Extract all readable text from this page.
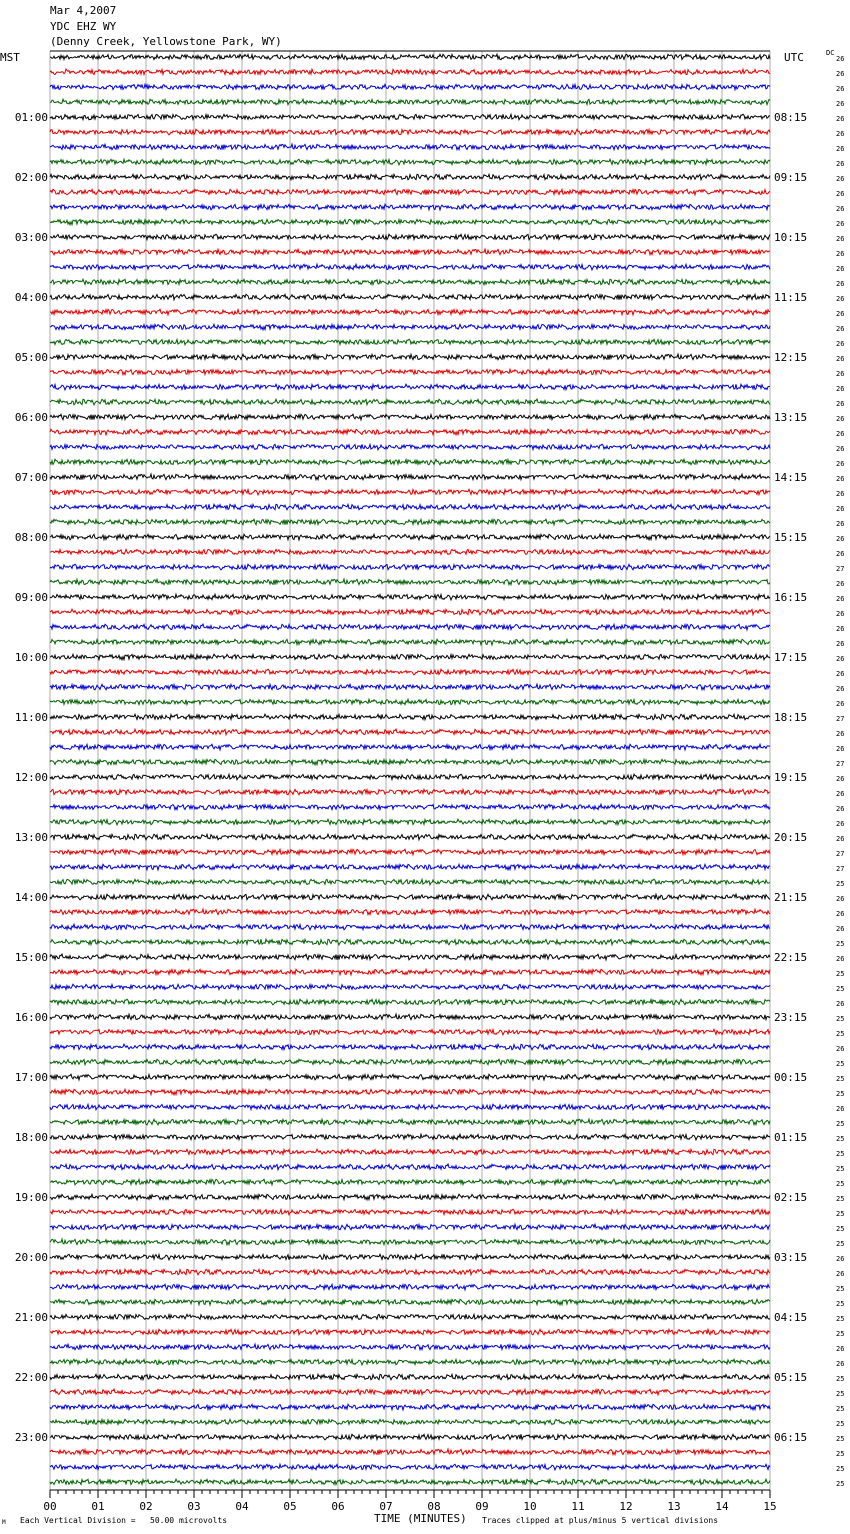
Mar 4,2007
YDC EHZ WY
(Denny Creek, Yellowstone Park, WY)
MST	UTC	DC
01:00
02:00
03:00
04:00
05:00
06:00
07:00
08:00
09:00
10:00
11:00
12:00
13:00
14:00
15:00
16:00
17:00
18:00
19:00
20:00
21:00
22:00
23:00
08:15
09:15
10:15
11:15
12:15
13:15
14:15
15:15
16:15
17:15
18:15
19:15
20:15
21:15
22:15
23:15
00:15
01:15
02:15
03:15
04:15
05:15
06:15
26
26
26
26
26
26
26
26
26
26
26
26
26
26
26
26
26
26
26
26
26
26
26
26
26
26
26
26
26
26
26
26
26
26
27
26
26
26
26
26
26
26
26
26
27
26
26
27
26
26
26
26
26
27
27
25
26
26
26
25
26
25
25
26
25
25
26
25
25
25
26
25
25
25
25
25
25
25
25
25
26
26
25
25
25
25
26
26
25
25
25
25
25
25
25
25
00	01	02	03	04	05	06	07	08	09	10	11	12	13	14	15
M Each Vertical Division =   50.00 microvolts	TIME (MINUTES) Traces clipped at plus/minus 5 vertical divisions
